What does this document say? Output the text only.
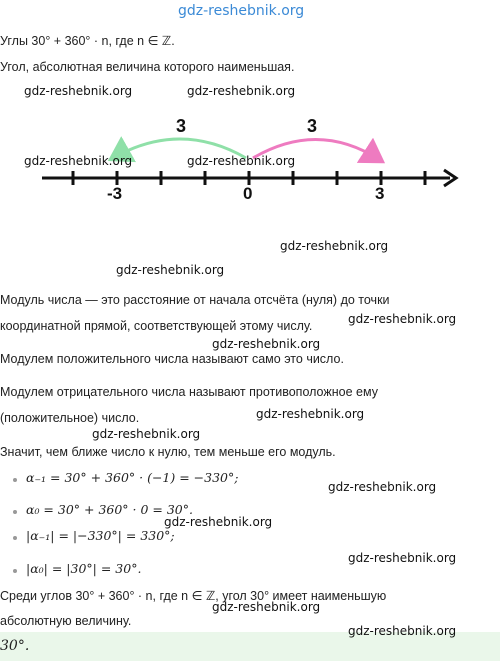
gdz-reshebnik.org
Углы 30° + 360° · n, где n ∈ ℤ.
Угол, абсолютная величина которого наименьшая.
gdz-reshebnik.org	gdz-reshebnik.org
3	3
-3	0	3
gdz-reshebnik.org	gdz-reshebnik.org
gdz-reshebnik.org
gdz-reshebnik.org
Модуль числа — это расстояние от начала отсчёта (нуля) до точки
координатной прямой, соответствующей этому числу.	gdz-reshebnik.org
gdz-reshebnik.org
Модулем положительного числа называют само это число.
Модулем отрицательного числа называют противоположное ему
(положительное) число.	gdz-reshebnik.org
gdz-reshebnik.org
Значит, чем ближе число к нулю, тем меньше его модуль.
α₋₁ = 30° + 360° · (−1) = −330°;
gdz-reshebnik.org
α₀ = 30° + 360° · 0 = 30°.
gdz-reshebnik.org
|α₋₁| = |−330°| = 330°;
gdz-reshebnik.org
|α₀| = |30°| = 30°.
Среди углов 30° + 360° · n, где n ∈ ℤ, угол 30° имеет наименьшую
gdz-reshebnik.org
абсолютную величину.
gdz-reshebnik.org
30°.
